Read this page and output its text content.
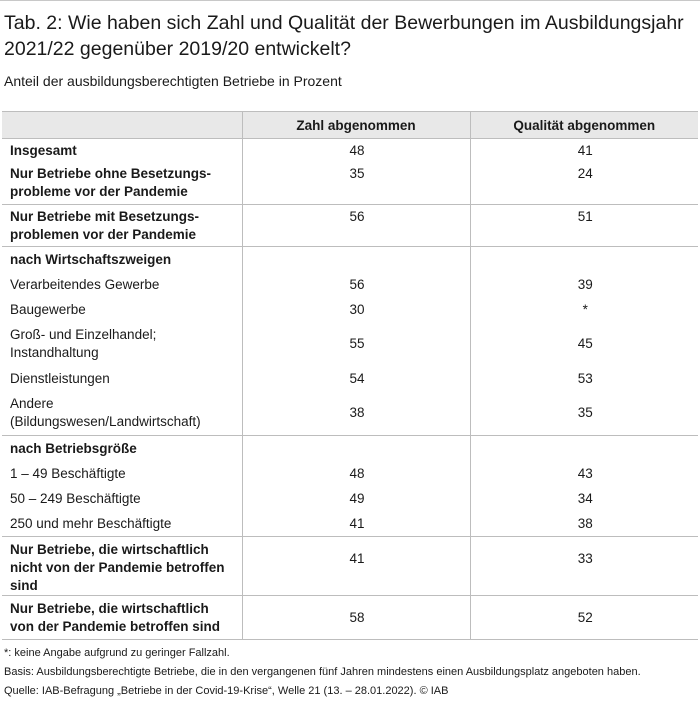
Tab. 2: Wie haben sich Zahl und Qualität der Bewerbungen im Ausbildungsjahr 2021/22 gegenüber 2019/20 entwickelt?
Anteil der ausbildungsberechtigten Betriebe in Prozent
	Zahl abgenommen	Qualität abgenommen
Insgesamt	48	41
Nur Betriebe ohne Besetzungs-probleme vor der Pandemie	35	24
Nur Betriebe mit Besetzungs-problemen vor der Pandemie	56	51
nach Wirtschaftszweigen		
Verarbeitendes Gewerbe	56	39
Baugewerbe	30	*
Groß- und Einzelhandel; Instandhaltung	55	45
Dienstleistungen	54	53
Andere (Bildungswesen/Landwirtschaft)	38	35
nach Betriebsgröße		
1 – 49 Beschäftigte	48	43
50 – 249 Beschäftigte	49	34
250 und mehr Beschäftigte	41	38
Nur Betriebe, die wirtschaftlich nicht von der Pandemie betroffen sind	41	33
Nur Betriebe, die wirtschaftlich von der Pandemie betroffen sind	58	52
*: keine Angabe aufgrund zu geringer Fallzahl.
Basis: Ausbildungsberechtigte Betriebe, die in den vergangenen fünf Jahren mindestens einen Ausbildungsplatz angeboten haben.
Quelle: IAB-Befragung „Betriebe in der Covid-19-Krise“, Welle 21 (13. – 28.01.2022). © IAB
